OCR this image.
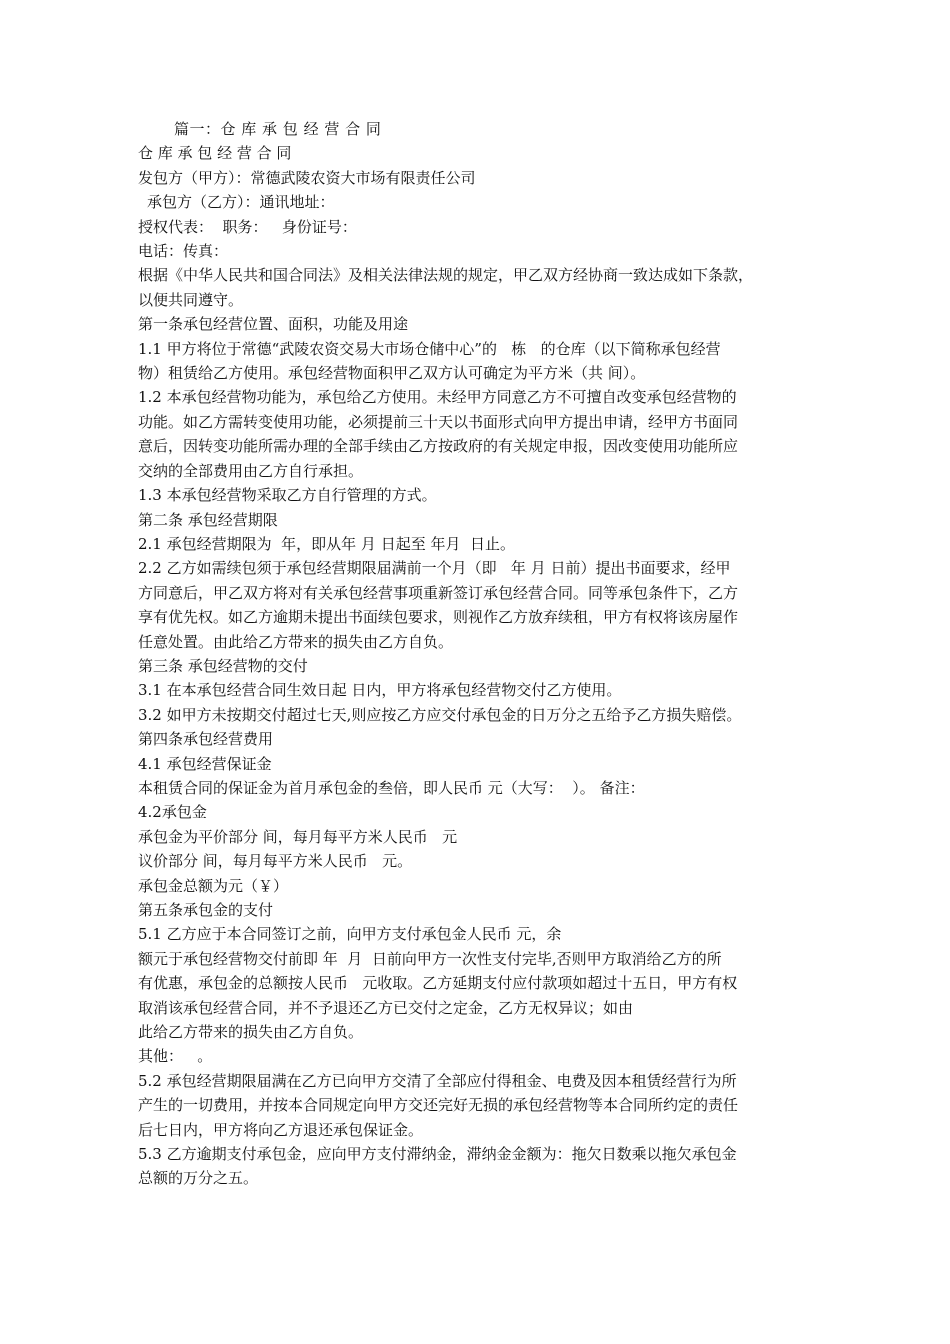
篇一：仓 库 承 包 经 营 合 同

仓 库 承 包 经 营 合 同

发包方（甲方）：常德武陵农资大市场有限责任公司

承包方（乙方）：通讯地址：

授权代表：  职务：   身份证号：

电话：传真：

根据《中华人民共和国合同法》及相关法律法规的规定，甲乙双方经协商一致达成如下条款，

以便共同遵守。

第一条承包经营位置、面积，功能及用途

1.1 甲方将位于常德“武陵农资交易大市场仓储中心”的   栋   的仓库（以下简称承包经营

物）租赁给乙方使用。承包经营物面积甲乙双方认可确定为平方米（共 间）。

1.2 本承包经营物功能为，承包给乙方使用。未经甲方同意乙方不可擅自改变承包经营物的

功能。如乙方需转变使用功能，必须提前三十天以书面形式向甲方提出申请，经甲方书面同

意后，因转变功能所需办理的全部手续由乙方按政府的有关规定申报，因改变使用功能所应

交纳的全部费用由乙方自行承担。

1.3 本承包经营物采取乙方自行管理的方式。

第二条 承包经营期限

2.1 承包经营期限为  年，即从年 月 日起至 年月  日止。

2.2 乙方如需续包须于承包经营期限届满前一个月（即   年 月 日前）提出书面要求，经甲

方同意后，甲乙双方将对有关承包经营事项重新签订承包经营合同。同等承包条件下，乙方

享有优先权。如乙方逾期未提出书面续包要求，则视作乙方放弃续租，甲方有权将该房屋作

任意处置。由此给乙方带来的损失由乙方自负。

第三条 承包经营物的交付

3.1 在本承包经营合同生效日起 日内，甲方将承包经营物交付乙方使用。

3.2 如甲方未按期交付超过七天,则应按乙方应交付承包金的日万分之五给予乙方损失赔偿。

第四条承包经营费用

4.1 承包经营保证金

本租赁合同的保证金为首月承包金的叁倍，即人民币 元（大写：  ）。 备注：

4.2承包金

承包金为平价部分 间，每月每平方米人民币   元

议价部分 间，每月每平方米人民币   元。

承包金总额为元（￥）

第五条承包金的支付

5.1 乙方应于本合同签订之前，向甲方支付承包金人民币 元，余

额元于承包经营物交付前即 年  月  日前向甲方一次性支付完毕,否则甲方取消给乙方的所

有优惠，承包金的总额按人民币   元收取。乙方延期支付应付款项如超过十五日，甲方有权

取消该承包经营合同，并不予退还乙方已交付之定金，乙方无权异议；如由

此给乙方带来的损失由乙方自负。

其他：   。

5.2 承包经营期限届满在乙方已向甲方交清了全部应付得租金、电费及因本租赁经营行为所

产生的一切费用，并按本合同规定向甲方交还完好无损的承包经营物等本合同所约定的责任

后七日内，甲方将向乙方退还承包保证金。

5.3 乙方逾期支付承包金，应向甲方支付滞纳金，滞纳金金额为：拖欠日数乘以拖欠承包金

总额的万分之五。
